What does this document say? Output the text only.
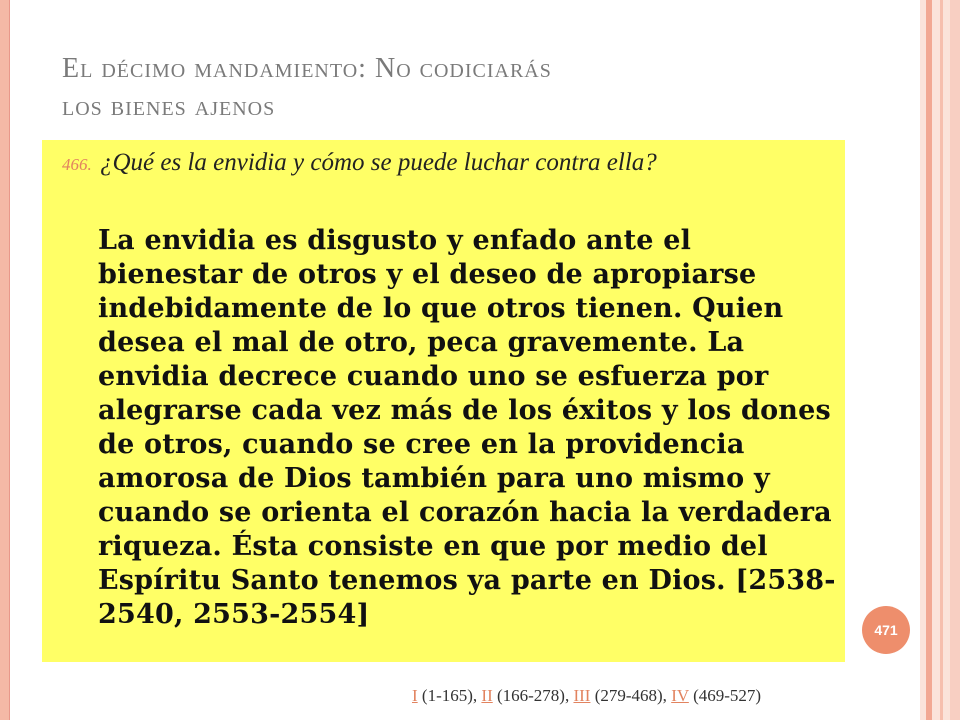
El décimo mandamiento: No codiciarás
los bienes ajenos
466. ¿Qué es la envidia y cómo se puede luchar contra ella?
La envidia es disgusto y enfado ante el bienestar de otros y el deseo de apropiarse indebidamente de lo que otros tienen. Quien desea el mal de otro, peca gravemente. La envidia decrece cuando uno se esfuerza por alegrarse cada vez más de los éxitos y los dones de otros, cuando se cree en la providencia amorosa de Dios también para uno mismo y cuando se orienta el corazón hacia la verdadera riqueza. Ésta consiste en que por medio del Espíritu Santo tenemos ya parte en Dios. [2538-2540, 2553-2554]	471
I (1-165), II (166-278), III (279-468), IV (469-527)
